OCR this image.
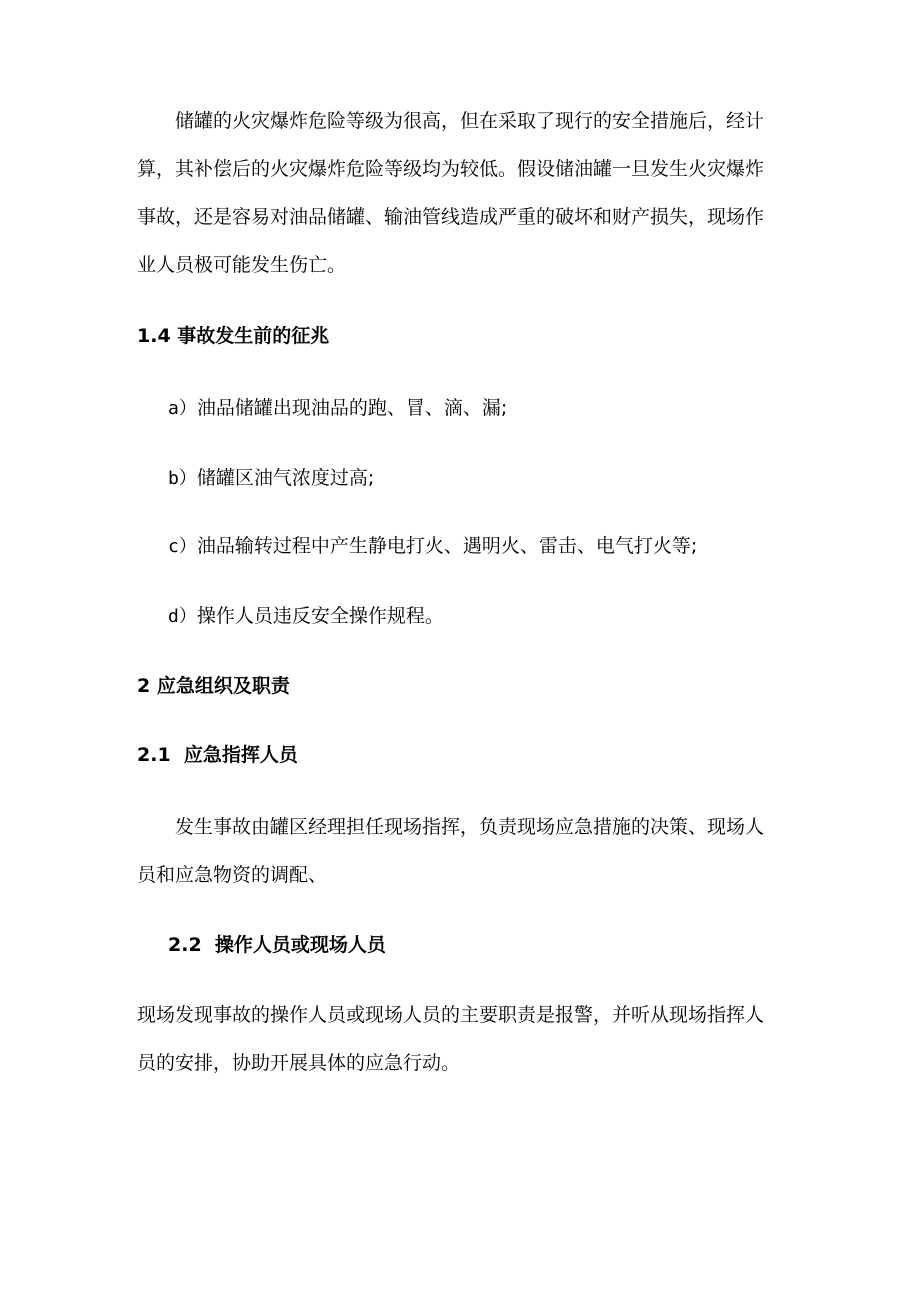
储罐的火灾爆炸危险等级为很高，但在采取了现行的安全措施后，经计算，其补偿后的火灾爆炸危险等级均为较低。假设储油罐一旦发生火灾爆炸事故，还是容易对油品储罐、输油管线造成严重的破坏和财产损失，现场作业人员极可能发生伤亡。

1.4 事故发生前的征兆

a）油品储罐出现油品的跑、冒、滴、漏;

b）储罐区油气浓度过高;

c）油品输转过程中产生静电打火、遇明火、雷击、电气打火等;

d）操作人员违反安全操作规程。

2 应急组织及职责

2.1  应急指挥人员

发生事故由罐区经理担任现场指挥，负责现场应急措施的决策、现场人员和应急物资的调配、

2.2  操作人员或现场人员

现场发现事故的操作人员或现场人员的主要职责是报警，并听从现场指挥人员的安排，协助开展具体的应急行动。
